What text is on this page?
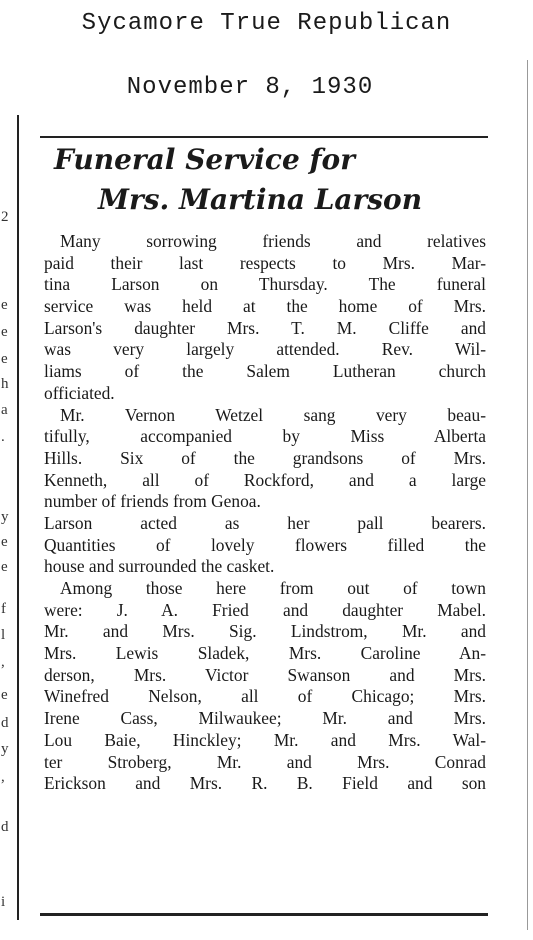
Sycamore True Republican
November 8, 1930
2
e
e
e
h
a
.
y
e
e
f
l
,
e
d
y
,
d
i
Funeral Service for
Mrs. Martina Larson
Many sorrowing friends and relatives
paid their last respects to Mrs. Mar-
tina Larson on Thursday. The funeral
service was held at the home of Mrs.
Larson's daughter Mrs. T. M. Cliffe and
was very largely attended. Rev. Wil-
liams of the Salem Lutheran church
officiated.
Mr. Vernon Wetzel sang very beau-
tifully, accompanied by Miss Alberta
Hills. Six of the grandsons of Mrs.
Kenneth, all of Rockford, and a large
number of friends from Genoa.
Larson acted as her pall bearers.
Quantities of lovely flowers filled the
house and surrounded the casket.
Among those here from out of town
were: J. A. Fried and daughter Mabel.
Mr. and Mrs. Sig. Lindstrom, Mr. and
Mrs. Lewis Sladek, Mrs. Caroline An-
derson, Mrs. Victor Swanson and Mrs.
Winefred Nelson, all of Chicago; Mrs.
Irene Cass, Milwaukee; Mr. and Mrs.
Lou Baie, Hinckley; Mr. and Mrs. Wal-
ter Stroberg, Mr. and Mrs. Conrad
Erickson and Mrs. R. B. Field and son
